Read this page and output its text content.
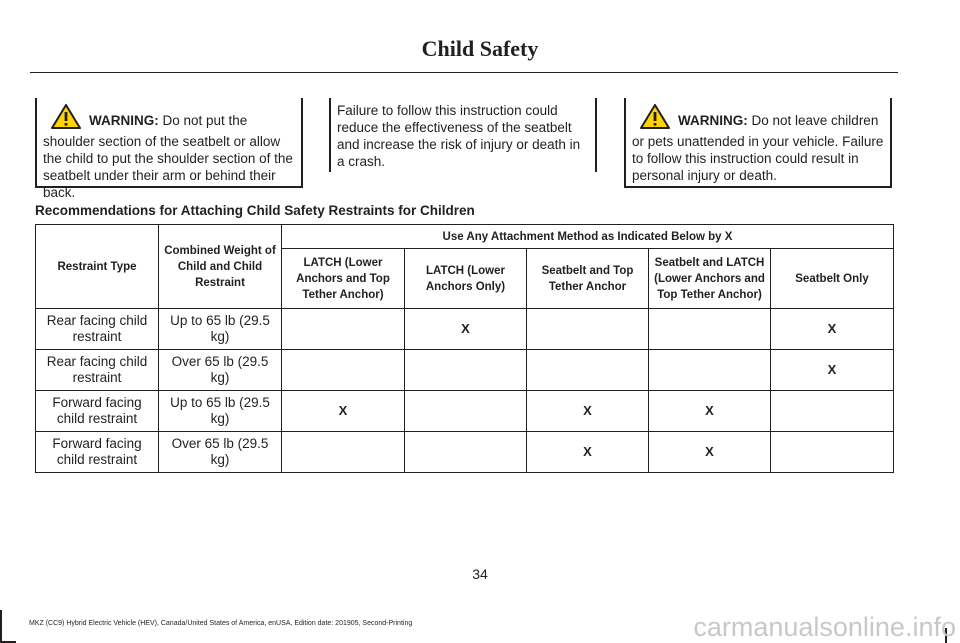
Child Safety
WARNING: Do not put the shoulder section of the seatbelt or allow the child to put the shoulder section of the seatbelt under their arm or behind their back.
Failure to follow this instruction could reduce the effectiveness of the seatbelt and increase the risk of injury or death in a crash.
WARNING: Do not leave children or pets unattended in your vehicle. Failure to follow this instruction could result in personal injury or death.
Recommendations for Attaching Child Safety Restraints for Children
Restraint Type	Combined Weight of Child and Child Restraint	Use Any Attachment Method as Indicated Below by X				
		LATCH (Lower Anchors and Top Tether Anchor)	LATCH (Lower Anchors Only)	Seatbelt and Top Tether Anchor	Seatbelt and LATCH (Lower Anchors and Top Tether Anchor)	Seatbelt Only
Rear facing child restraint	Up to 65 lb (29.5 kg)		X			X
Rear facing child restraint	Over 65 lb (29.5 kg)					X
Forward facing child restraint	Up to 65 lb (29.5 kg)	X		X	X	
Forward facing child restraint	Over 65 lb (29.5 kg)			X	X	
34
MKZ (CC9) Hybrid Electric Vehicle (HEV), Canada/United States of America, enUSA, Edition date: 201905, Second-Printing	carmanualsonline.info
